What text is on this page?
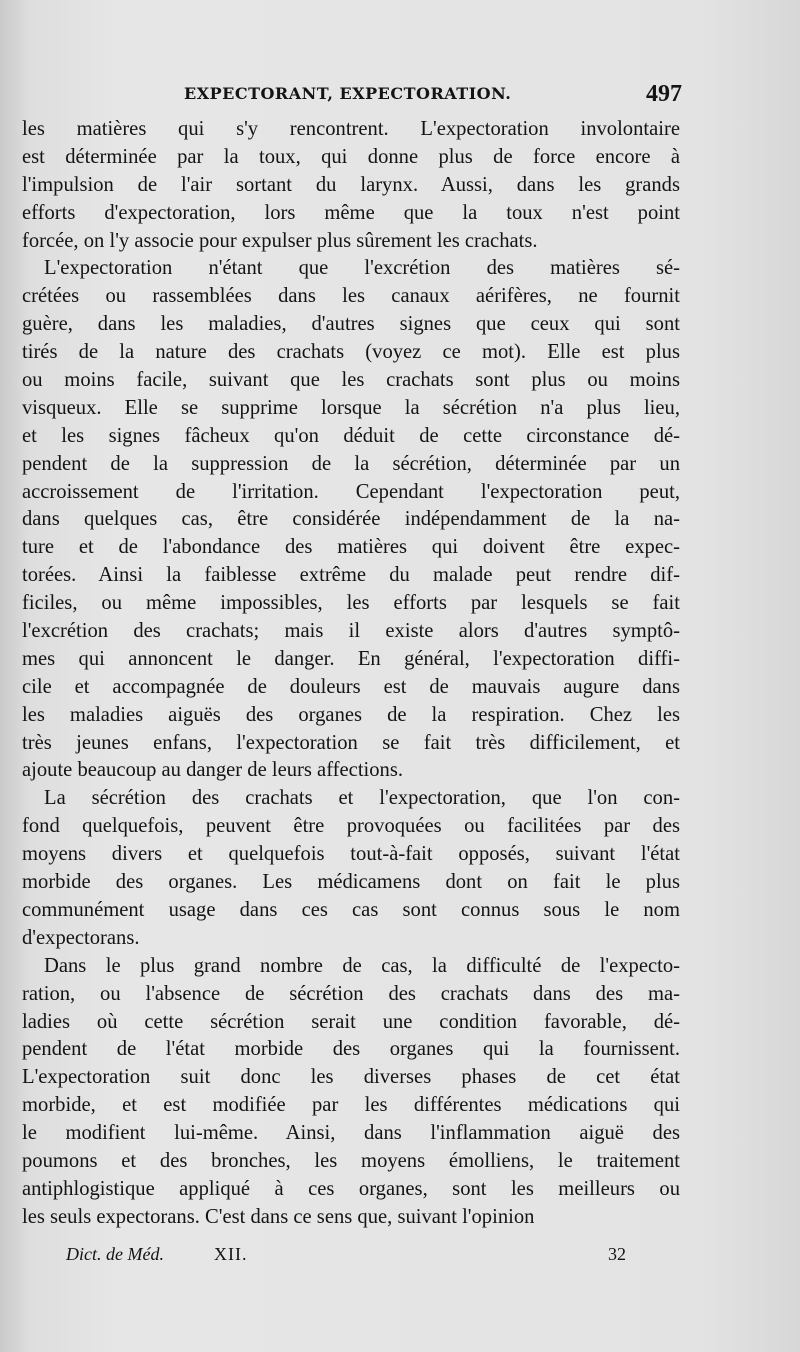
EXPECTORANT, EXPECTORATION.	497
les matières qui s'y rencontrent. L'expectoration involontaire
est déterminée par la toux, qui donne plus de force encore à
l'impulsion de l'air sortant du larynx. Aussi, dans les grands
efforts d'expectoration, lors même que la toux n'est point
forcée, on l'y associe pour expulser plus sûrement les crachats.
L'expectoration n'étant que l'excrétion des matières sé-
crétées ou rassemblées dans les canaux aérifères, ne fournit
guère, dans les maladies, d'autres signes que ceux qui sont
tirés de la nature des crachats (voyez ce mot). Elle est plus
ou moins facile, suivant que les crachats sont plus ou moins
visqueux. Elle se supprime lorsque la sécrétion n'a plus lieu,
et les signes fâcheux qu'on déduit de cette circonstance dé-
pendent de la suppression de la sécrétion, déterminée par un
accroissement de l'irritation. Cependant l'expectoration peut,
dans quelques cas, être considérée indépendamment de la na-
ture et de l'abondance des matières qui doivent être expec-
torées. Ainsi la faiblesse extrême du malade peut rendre dif-
ficiles, ou même impossibles, les efforts par lesquels se fait
l'excrétion des crachats; mais il existe alors d'autres symptô-
mes qui annoncent le danger. En général, l'expectoration diffi-
cile et accompagnée de douleurs est de mauvais augure dans
les maladies aiguës des organes de la respiration. Chez les
très jeunes enfans, l'expectoration se fait très difficilement, et
ajoute beaucoup au danger de leurs affections.
La sécrétion des crachats et l'expectoration, que l'on con-
fond quelquefois, peuvent être provoquées ou facilitées par des
moyens divers et quelquefois tout-à-fait opposés, suivant l'état
morbide des organes. Les médicamens dont on fait le plus
communément usage dans ces cas sont connus sous le nom
d'expectorans.
Dans le plus grand nombre de cas, la difficulté de l'expecto-
ration, ou l'absence de sécrétion des crachats dans des ma-
ladies où cette sécrétion serait une condition favorable, dé-
pendent de l'état morbide des organes qui la fournissent.
L'expectoration suit donc les diverses phases de cet état
morbide, et est modifiée par les différentes médications qui
le modifient lui-même. Ainsi, dans l'inflammation aiguë des
poumons et des bronches, les moyens émolliens, le traitement
antiphlogistique appliqué à ces organes, sont les meilleurs ou
les seuls expectorans. C'est dans ce sens que, suivant l'opinion
Dict. de Méd.	XII.	32
